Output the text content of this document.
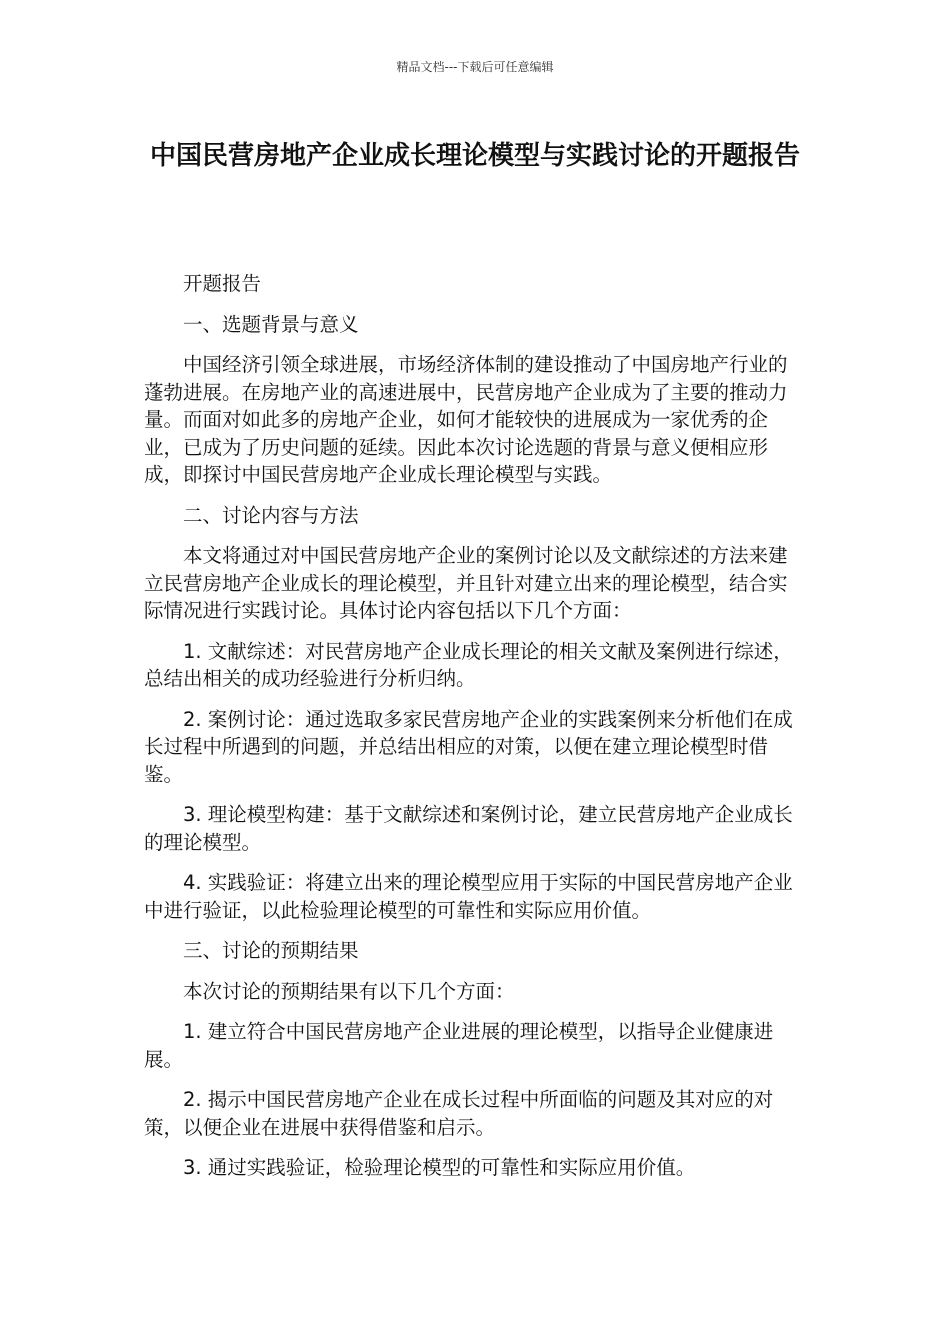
精品文档---下载后可任意编辑
中国民营房地产企业成长理论模型与实践讨论的开题报告

开题报告

一、选题背景与意义

中国经济引领全球进展，市场经济体制的建设推动了中国房地产行业的蓬勃进展。在房地产业的高速进展中，民营房地产企业成为了主要的推动力量。而面对如此多的房地产企业，如何才能较快的进展成为一家优秀的企业，已成为了历史问题的延续。因此本次讨论选题的背景与意义便相应形成，即探讨中国民营房地产企业成长理论模型与实践。

二、讨论内容与方法

本文将通过对中国民营房地产企业的案例讨论以及文献综述的方法来建立民营房地产企业成长的理论模型，并且针对建立出来的理论模型，结合实际情况进行实践讨论。具体讨论内容包括以下几个方面：

1. 文献综述：对民营房地产企业成长理论的相关文献及案例进行综述，总结出相关的成功经验进行分析归纳。

2. 案例讨论：通过选取多家民营房地产企业的实践案例来分析他们在成长过程中所遇到的问题，并总结出相应的对策，以便在建立理论模型时借鉴。

3. 理论模型构建：基于文献综述和案例讨论，建立民营房地产企业成长的理论模型。

4. 实践验证：将建立出来的理论模型应用于实际的中国民营房地产企业中进行验证，以此检验理论模型的可靠性和实际应用价值。

三、讨论的预期结果

本次讨论的预期结果有以下几个方面：

1. 建立符合中国民营房地产企业进展的理论模型，以指导企业健康进展。

2. 揭示中国民营房地产企业在成长过程中所面临的问题及其对应的对策，以便企业在进展中获得借鉴和启示。

3. 通过实践验证，检验理论模型的可靠性和实际应用价值。
